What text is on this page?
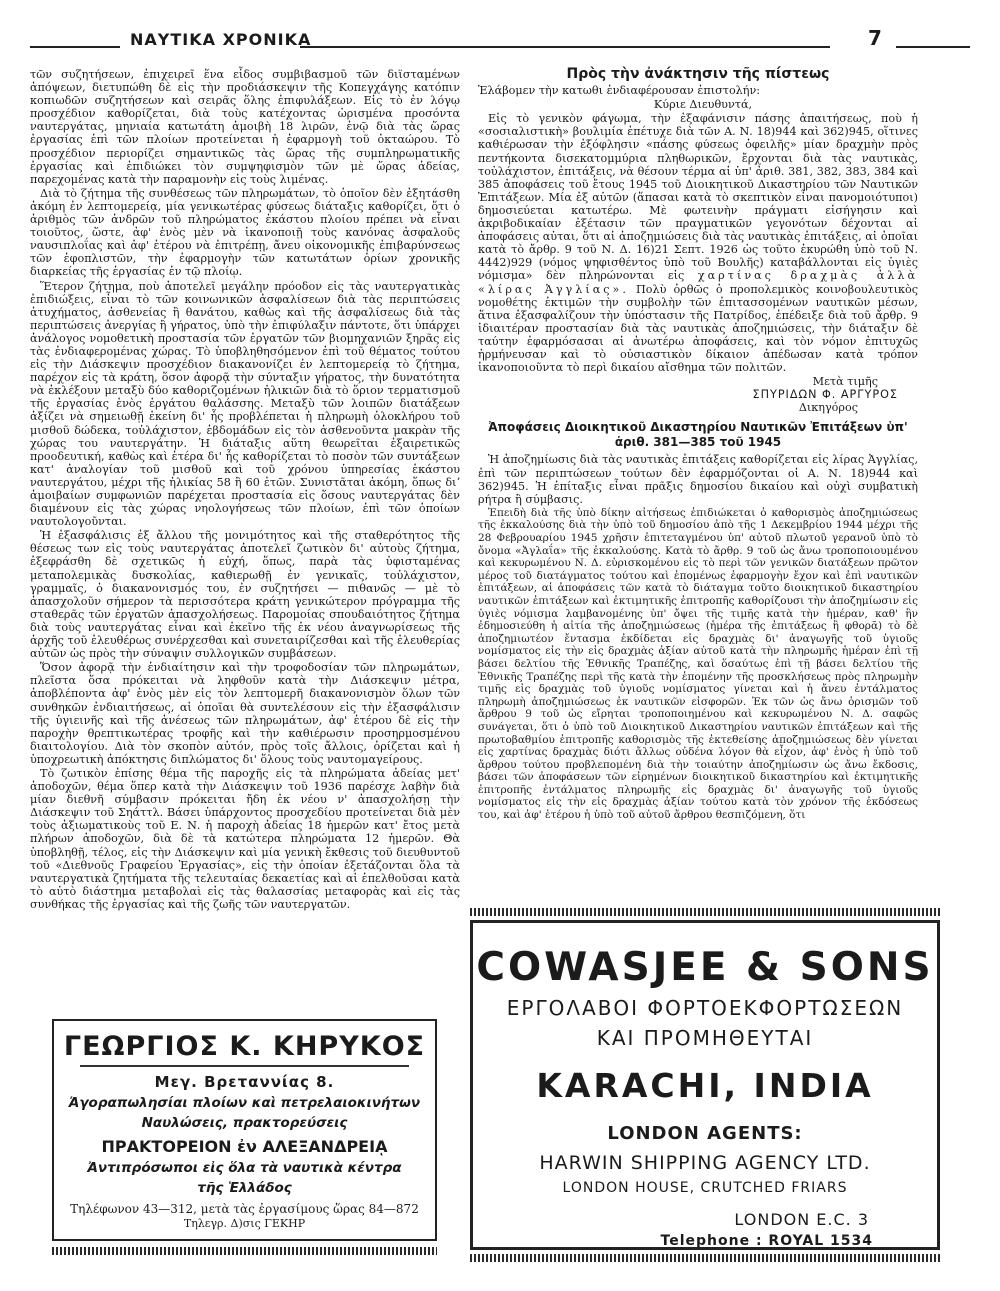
ΝΑΥΤΙΚΑ ΧΡΟΝΙΚΑ	7

τῶν συζητήσεων, ἐπιχειρεῖ ἕνα εἶδος συμβιβασμοῦ τῶν διϊσταμένων ἀπόψεων, διετυπώθη δὲ εἰς τὴν προδιάσκεψιν τῆς Κοπεγχάγης κατόπιν κοπιωδῶν συζητήσεων καὶ σειρᾶς ὅλης ἐπιφυλάξεων. Εἰς τὸ ἐν λόγῳ προσχέδιον καθορίζεται, διὰ τοὺς κατέχοντας ὡρισμένα προσόντα ναυτεργάτας, μηνιαία κατωτάτη ἀμοιβὴ 18 λιρῶν, ἐνῷ διὰ τὰς ὥρας ἐργασίας ἐπὶ τῶν πλοίων προτείνεται ἡ ἐφαρμογὴ τοῦ ὀκταώρου. Τὸ προσχέδιον περιορίζει σημαντικῶς τὰς ὥρας τῆς συμπληρωματικῆς ἐργασίας καὶ ἐπιδιώκει τὸν συμψηφισμὸν τῶν μὲ ὥρας ἀδείας, παρεχομένας κατὰ τὴν παραμονὴν εἰς τοὺς λιμένας.

Διὰ τὸ ζήτημα τῆς συνθέσεως τῶν πληρωμάτων, τὸ ὁποῖον δὲν ἐξητάσθη ἀκόμη ἐν λεπτομερείᾳ, μία γενικωτέρας φύσεως διάταξις καθορίζει, ὅτι ὁ ἀριθμὸς τῶν ἀνδρῶν τοῦ πληρώματος ἑκάστου πλοίου πρέπει νὰ εἶναι τοιοῦτος, ὥστε, ἀφ' ἑνὸς μὲν νὰ ἱκανοποιῇ τοὺς κανόνας ἀσφαλοῦς ναυσιπλοΐας καὶ ἀφ' ἑτέρου νὰ ἐπιτρέπῃ, ἄνευ οἰκονομικῆς ἐπιβαρύνσεως τῶν ἐφοπλιστῶν, τὴν ἐφαρμογὴν τῶν κατωτάτων ὁρίων χρονικῆς διαρκείας τῆς ἐργασίας ἐν τῷ πλοίῳ.

Ἕτερον ζήτημα, ποὺ ἀποτελεῖ μεγάλην πρόοδον εἰς τὰς ναυτεργατικὰς ἐπιδιώξεις, εἶναι τὸ τῶν κοινωνικῶν ἀσφαλίσεων διὰ τὰς περιπτώσεις ἀτυχήματος, ἀσθενείας ἢ θανάτου, καθὼς καὶ τῆς ἀσφαλίσεως διὰ τὰς περιπτώσεις ἀνεργίας ἢ γήρατος, ὑπὸ τὴν ἐπιφύλαξιν πάντοτε, ὅτι ὑπάρχει ἀνάλογος νομοθετικὴ προστασία τῶν ἐργατῶν τῶν βιομηχανιῶν ξηρᾶς εἰς τὰς ἐνδιαφερομένας χώρας. Τὸ ὑποβληθησόμενον ἐπὶ τοῦ θέματος τούτου εἰς τὴν Διάσκεψιν προσχέδιον διακανονίζει ἐν λεπτομερείᾳ τὸ ζήτημα, παρέχον εἰς τὰ κράτη, ὅσον ἀφορᾷ τὴν σύνταξιν γήρατος, τὴν δυνατότητα νὰ ἐκλέξουν μεταξὺ δύο καθοριζομένων ἡλικιῶν διὰ τὸ ὅριον τερματισμοῦ τῆς ἐργασίας ἑνὸς ἐργάτου θαλάσσης. Μεταξὺ τῶν λοιπῶν διατάξεων ἀξίζει νὰ σημειωθῇ ἐκείνη δι' ἧς προβλέπεται ἡ πληρωμὴ ὁλοκλήρου τοῦ μισθοῦ δώδεκα, τοὐλάχιστον, ἑβδομάδων εἰς τὸν ἀσθενοῦντα μακρὰν τῆς χώρας του ναυτεργάτην. Ἡ διάταξις αὕτη θεωρεῖται ἐξαιρετικῶς προοδευτική, καθὼς καὶ ἑτέρα δι' ἧς καθορίζεται τὸ ποσὸν τῶν συντάξεων κατ' ἀναλογίαν τοῦ μισθοῦ καὶ τοῦ χρόνου ὑπηρεσίας ἑκάστου ναυτεργάτου, μέχρι τῆς ἡλικίας 58 ἢ 60 ἐτῶν. Συνιστᾶται ἀκόμη, ὅπως διʼ ἀμοιβαίων συμφωνιῶν παρέχεται προστασία εἰς ὅσους ναυτεργάτας δὲν διαμένουν εἰς τὰς χώρας νηολογήσεως τῶν πλοίων, ἐπὶ τῶν ὁποίων ναυτολογοῦνται.

Ἡ ἐξασφάλισις ἐξ ἄλλου τῆς μονιμότητος καὶ τῆς σταθερότητος τῆς θέσεως των εἰς τοὺς ναυτεργάτας ἀποτελεῖ ζωτικὸν δι' αὐτοὺς ζήτημα, ἐξεφράσθη δὲ σχετικῶς ἡ εὐχή, ὅπως, παρὰ τὰς ὑφισταμένας μεταπολεμικὰς δυσκολίας, καθιερωθῇ ἐν γενικαῖς, τοὐλάχιστον, γραμμαῖς, ὁ διακανονισμός του, ἐν συζητήσει — πιθανῶς — μὲ τὸ ἀπασχολοῦν σήμερον τὰ περισσότερα κράτη γενικώτερον πρόγραμμα τῆς σταθερᾶς τῶν ἐργατῶν ἀπασχολήσεως. Παρομοίας σπουδαιότητος ζήτημα διὰ τοὺς ναυτεργάτας εἶναι καὶ ἐκεῖνο τῆς ἐκ νέου ἀναγνωρίσεως τῆς ἀρχῆς τοῦ ἐλευθέρως συνέρχεσθαι καὶ συνεταιρίζεσθαι καὶ τῆς ἐλευθερίας αὐτῶν ὡς πρὸς τὴν σύναψιν συλλογικῶν συμβάσεων.

Ὅσον ἀφορᾷ τὴν ἐνδιαίτησιν καὶ τὴν τροφοδοσίαν τῶν πληρωμάτων, πλεῖστα ὅσα πρόκειται νὰ ληφθοῦν κατὰ τὴν Διάσκεψιν μέτρα, ἀποβλέποντα ἀφ' ἑνὸς μὲν εἰς τὸν λεπτομερῆ διακανονισμὸν ὅλων τῶν συνθηκῶν ἐνδιαιτήσεως, αἱ ὁποῖαι θὰ συντελέσουν εἰς τὴν ἐξασφάλισιν τῆς ὑγιεινῆς καὶ τῆς ἀνέσεως τῶν πληρωμάτων, ἀφ' ἑτέρου δὲ εἰς τὴν παροχὴν θρεπτικωτέρας τροφῆς καὶ τὴν καθιέρωσιν προσηρμοσμένου διαιτολογίου. Διὰ τὸν σκοπὸν αὐτόν, πρὸς τοῖς ἄλλοις, ὀρίζεται καὶ ἡ ὑποχρεωτικὴ ἀπόκτησις διπλώματος δι' ὅλους τοὺς ναυτομαγείρους.

Τὸ ζωτικὸν ἐπίσης θέμα τῆς παροχῆς εἰς τὰ πληρώματα ἀδείας μετ' ἀποδοχῶν, θέμα ὅπερ κατὰ τὴν Διάσκεψιν τοῦ 1936 παρέσχε λαβὴν διὰ μίαν διεθνῆ σύμβασιν πρόκειται ἤδη ἐκ νέου ν' ἀπασχολήσῃ τὴν Διάσκεψιν τοῦ Σηάττλ. Βάσει ὑπάρχοντος προσχεδίου προτείνεται διὰ μὲν τοὺς ἀξιωματικοὺς τοῦ Ε. Ν. ἡ παροχὴ ἀδείας 18 ἡμερῶν κατ' ἔτος μετὰ πλήρων ἀποδοχῶν, διὰ δὲ τὰ κατώτερα πληρώματα 12 ἡμερῶν. Θὰ ὑποβληθῇ, τέλος, εἰς τὴν Διάσκεψιν καὶ μία γενικὴ ἔκθεσις τοῦ διευθυντοῦ τοῦ «Διεθνοῦς Γραφείου Ἐργασίας», εἰς τὴν ὁποίαν ἐξετάζονται ὅλα τὰ ναυτεργατικὰ ζητήματα τῆς τελευταίας δεκαετίας καὶ αἱ ἐπελθοῦσαι κατὰ τὸ αὐτὸ διάστημα μεταβολαὶ εἰς τὰς θαλασσίας μεταφορὰς καὶ εἰς τὰς συνθήκας τῆς ἐργασίας καὶ τῆς ζωῆς τῶν ναυτεργατῶν.

Πρὸς τὴν ἀνάκτησιν τῆς πίστεως

Ἐλάβομεν τὴν κατωθι ἐνδιαφέρουσαν ἐπιστολήν:

Κύριε Διευθυντά,

Εἰς τὸ γενικὸν φάγωμα, τὴν ἐξαφάνισιν πάσης ἀπαιτήσεως, ποὺ ἡ «σοσιαλιστικὴ» βουλιμία ἐπέτυχε διὰ τῶν Α. Ν. 18)944 καὶ 362)945, οἵτινες καθιέρωσαν τὴν ἐξόφλησιν «πάσης φύσεως ὀφειλῆς» μίαν δραχμὴν πρὸς πεντήκοντα δισεκατομμύρια πληθωρικῶν, ἔρχονται διὰ τὰς ναυτικὰς, τοὐλάχιστον, ἐπιτάξεις, νὰ θέσουν τέρμα αἱ ὑπ' ἀριθ. 381, 382, 383, 384 καὶ 385 ἀποφάσεις τοῦ ἔτους 1945 τοῦ Διοικητικοῦ Δικαστηρίου τῶν Ναυτικῶν Ἐπιτάξεων. Μία ἐξ αὐτῶν (ἅπασαι κατὰ τὸ σκεπτικὸν εἶναι πανομοιότυποι) δημοσιεύεται κατωτέρω. Μὲ φωτεινὴν πράγματι εἰσήγησιν καὶ ἀκριβοδικαίαν ἐξέτασιν τῶν πραγματικῶν γεγονότων δέχονται αἱ ἀποφάσεις αὐται, ὅτι αἱ ἀποζημιώσεις διὰ τὰς ναυτικὰς ἐπιτάξεις, αἱ ὁποῖαι κατὰ τὸ ἄρθρ. 9 τοῦ Ν. Δ. 16)21 Σεπτ. 1926 ὡς τοῦτο ἐκυρώθη ὑπὸ τοῦ Ν. 4442)929 (νόμος ψηφισθέντος ὑπὸ τοῦ Βουλῆς) καταβάλλονται εἰς ὑγιὲς νόμισμα» δὲν πληρώνονται εἰς χαρτίνας δραχμὰς ἀλλὰ «λίρας Ἀγγλίας». Πολὺ ὀρθῶς ὁ προπολεμικὸς κοινοβουλευτικὸς νομοθέτης ἐκτιμῶν τὴν συμβολὴν τῶν ἐπιτασσομένων ναυτικῶν μέσων, ἅτινα ἐξασφαλίζουν τὴν ὑπόστασιν τῆς Πατρίδος, ἐπέδειξε διὰ τοῦ ἄρθρ. 9 ἰδιαιτέραν προστασίαν διὰ τὰς ναυτικὰς ἀποζημιώσεις, τὴν διάταξιν δὲ ταύτην ἐφαρμόσασαι αἱ ἀνωτέρω ἀποφάσεις, καὶ τὸν νόμον ἐπιτυχῶς ἡρμήνευσαν καὶ τὸ οὐσιαστικὸν δίκαιον ἀπέδωσαν κατὰ τρόπον ἱκανοποιοῦντα τὸ περὶ δικαίου αἴσθημα τῶν πολιτῶν.

Μετὰ τιμῆς
ΣΠΥΡΙΔΩΝ Φ. ΑΡΓΥΡΟΣ
Δικηγόρος
Ἀποφάσεις Διοικητικοῦ Δικαστηρίου Ναυτικῶν Ἐπιτάξεων ὑπ' ἀριθ. 381—385 τοῦ 1945

Ἡ ἀποζημίωσις διὰ τὰς ναυτικὰς ἐπιτάξεις καθορίζεται εἰς λίρας Ἀγγλίας, ἐπὶ τῶν περιπτώσεων τούτων δὲν ἐφαρμόζονται οἱ Α. Ν. 18)944 καὶ 362)945. Ἡ ἐπίταξις εἶναι πρᾶξις δημοσίου δικαίου καὶ οὐχὶ συμβατικὴ ρήτρα ἢ σύμβασις.

Ἐπειδὴ διὰ τῆς ὑπὸ δίκην αἰτήσεως ἐπιδιώκεται ὁ καθορισμὸς ἀποζημιώσεως τῆς ἐκκαλούσης διὰ τὴν ὑπὸ τοῦ δημοσίου ἀπὸ τῆς 1 Δεκεμβρίου 1944 μέχρι τῆς 28 Φεβρουαρίου 1945 χρῆσιν ἐπιτεταγμένου ὑπ' αὐτοῦ πλωτοῦ γερανοῦ ὑπὸ τὸ ὄνομα «Ἀγλαΐα» τῆς ἐκκαλούσης. Κατὰ τὸ ἄρθρ. 9 τοῦ ὡς ἄνω τροποποιουμένου καὶ κεκυρωμένου Ν. Δ. εὑρισκομένου εἰς τὸ περὶ τῶν γενικῶν διατάξεων πρῶτον μέρος τοῦ διατάγματος τούτου καὶ ἑπομένως ἐφαρμογὴν ἔχον καὶ ἐπὶ ναυτικῶν ἐπιτάξεων, αἱ ἀποφάσεις τῶν κατὰ τὸ διάταγμα τοῦτο διοικητικοῦ δικαστηρίου ναυτικῶν ἐπιτάξεων καὶ ἐκτιμητικῆς ἐπιτροπῆς καθορίζουσι τὴν ἀποζημίωσιν εἰς ὑγιὲς νόμισμα λαμβανομένης ὑπ' ὄψει τῆς τιμῆς κατὰ τὴν ἡμέραν, καθ' ἣν ἐδημοσιεύθη ἡ αἰτία τῆς ἀποζημιώσεως (ἡμέρα τῆς ἐπιτάξεως ἢ φθορᾶ) τὸ δὲ ἀποζημιωτέον ἔντασμα ἐκδίδεται εἰς δραχμὰς δι' ἀναγωγῆς τοῦ ὑγιοῦς νομίσματος εἰς τὴν εἰς δραχμὰς ἀξίαν αὐτοῦ κατὰ τὴν πληρωμῆς ἡμέραν ἐπὶ τῇ βάσει δελτίου τῆς Ἐθνικῆς Τραπέζης, καὶ ὅσαύτως ἐπὶ τῇ βάσει δελτίου τῆς Ἐθνικῆς Τραπέζης περὶ τῆς κατὰ τὴν ἑπομένην τῆς προσκλήσεως πρὸς πληρωμὴν τιμῆς εἰς δραχμὰς τοῦ ὑγιοῦς νομίσματος γίνεται καὶ ἡ ἄνευ ἐντάλματος πληρωμὴ ἀποζημιώσεως ἐκ ναυτικῶν εἰσφορῶν. Ἐκ τῶν ὡς ἄνω ὁρισμῶν τοῦ ἄρθρου 9 τοῦ ὡς εἴρηται τροποποιημένου καὶ κεκυρωμένου Ν. Δ. σαφῶς συνάγεται, ὅτι ὁ ὑπὸ τοῦ Διοικητικοῦ Δικαστηρίου ναυτικῶν ἐπιτάξεων καὶ τῆς πρωτοβαθμίου ἐπιτροπῆς καθορισμὸς τῆς ἐκτεθείσης ἀποζημιώσεως δὲν γίνεται εἰς χαρτίνας δραχμὰς διότι ἄλλως οὐδένα λόγον θὰ εἶχον, ἀφ' ἑνὸς ἡ ὑπὸ τοῦ ἄρθρου τούτου προβλεπομένη διὰ τὴν τοιαύτην ἀποζημίωσιν ὡς ἄνω ἔκδοσις, βάσει τῶν ἀποφάσεων τῶν εἰρημένων διοικητικοῦ δικαστηρίου καὶ ἐκτιμητικῆς ἐπιτροπῆς ἐντάλματος πληρωμῆς εἰς δραχμὰς δι' ἀναγωγῆς τοῦ ὑγιοῦς νομίσματος εἰς τὴν εἰς δραχμὰς ἀξίαν τούτου κατὰ τὸν χρόνον τῆς ἐκδόσεως του, καὶ ἀφ' ἑτέρου ἡ ὑπὸ τοῦ αὐτοῦ ἄρθρου θεσπιζόμενη, ὅτι

ΓΕΩΡΓΙΟΣ Κ. ΚΗΡΥΚΟΣ
Μεγ. Βρεταννίας 8.
Ἀγοραπωλησίαι πλοίων καὶ πετρελαιοκινήτων
Ναυλώσεις, πρακτορεύσεις
ΠΡΑΚΤΟΡΕΙΟΝ ἐν ΑΛΕΞΑΝΔΡΕΙᾼ
Ἀντιπρόσωποι εἰς ὅλα τὰ ναυτικὰ κέντρα
τῆς Ἑλλάδος
Τηλέφωνον 43—312, μετὰ τὰς ἐργασίμους ὥρας 84—872
Τηλεγρ. Δ)σις ΓΕΚΗΡ
COWASJEE & SONS
ΕΡΓΟΛΑΒΟΙ ΦΟΡΤΟΕΚΦΟΡΤΩΣΕΩΝ
ΚΑΙ ΠΡΟΜΗΘΕΥΤΑΙ
KARACHI, INDIA
LONDON AGENTS:
HARWIN SHIPPING AGENCY LTD.
LONDON HOUSE, CRUTCHED FRIARS
LONDON E.C. 3
Telephone : ROYAL 1534
